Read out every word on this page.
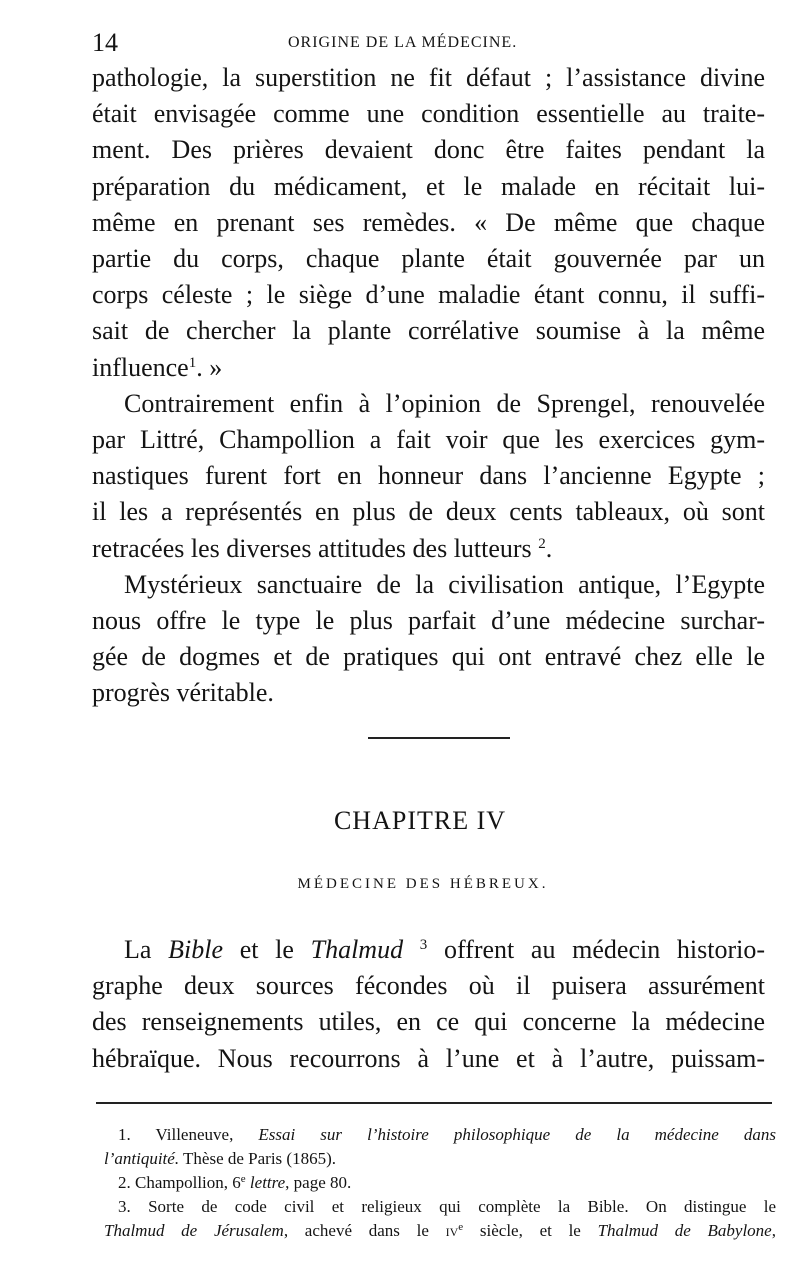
14	ORIGINE DE LA MÉDECINE.
pathologie, la superstition ne fit défaut ; l’assistance divine
était envisagée comme une condition essentielle au traite-
ment. Des prières devaient donc être faites pendant la
préparation du médicament, et le malade en récitait lui-
même en prenant ses remèdes. « De même que chaque
partie du corps, chaque plante était gouvernée par un
corps céleste ; le siège d’une maladie étant connu, il suffi-
sait de chercher la plante corrélative soumise à la même
influence$^1$. »
Contrairement enfin à l’opinion de Sprengel, renouvelée
par Littré, Champollion a fait voir que les exercices gym-
nastiques furent fort en honneur dans l’ancienne Egypte ;
il les a représentés en plus de deux cents tableaux, où sont
retracées les diverses attitudes des lutteurs $^2$.
Mystérieux sanctuaire de la civilisation antique, l’Egypte
nous offre le type le plus parfait d’une médecine surchar-
gée de dogmes et de pratiques qui ont entravé chez elle le
progrès véritable.
CHAPITRE IV
MÉDECINE DES HÉBREUX.
La Bible et le Thalmud $^3$ offrent au médecin historio-
graphe deux sources fécondes où il puisera assurément
des renseignements utiles, en ce qui concerne la médecine
hébraïque. Nous recourrons à l’une et à l’autre, puissam-
1. Villeneuve, Essai sur l’histoire philosophique de la médecine dans
l’antiquité. Thèse de Paris (1865).
2. Champollion, 6e lettre, page 80.
3. Sorte de code civil et religieux qui complète la Bible. On distingue le
Thalmud de Jérusalem, achevé dans le $iv^e$ siècle, et le Thalmud de Babylone,
